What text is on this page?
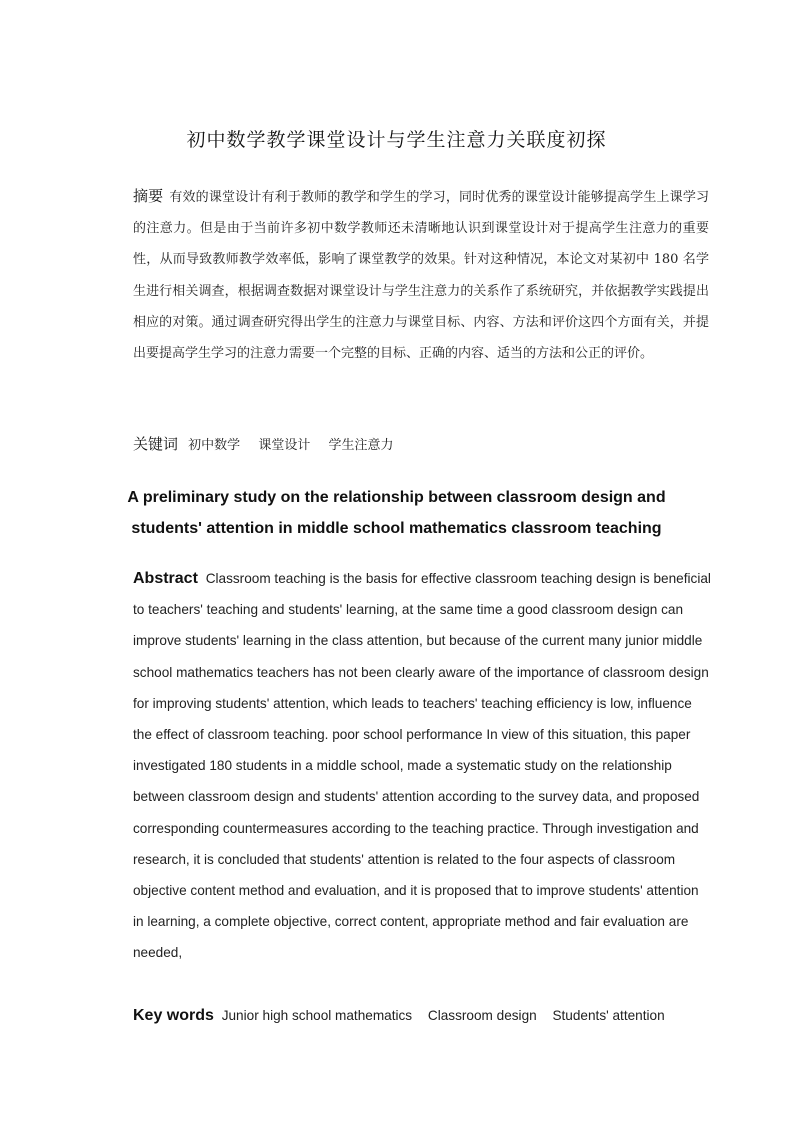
初中数学教学课堂设计与学生注意力关联度初探
摘要 有效的课堂设计有利于教师的教学和学生的学习，同时优秀的课堂设计能够提高学生上课学习的注意力。但是由于当前许多初中数学教师还未清晰地认识到课堂设计对于提高学生注意力的重要性，从而导致教师教学效率低，影响了课堂教学的效果。针对这种情况，本论文对某初中 180 名学生进行相关调查，根据调查数据对课堂设计与学生注意力的关系作了系统研究，并依据教学实践提出相应的对策。通过调查研究得出学生的注意力与课堂目标、内容、方法和评价这四个方面有关，并提出要提高学生学习的注意力需要一个完整的目标、正确的内容、适当的方法和公正的评价。
关键词 初中数学 课堂设计 学生注意力
A preliminary study on the relationship between classroom design and
students' attention in middle school mathematics classroom teaching
Abstract Classroom teaching is the basis for effective classroom teaching design is beneficial to teachers' teaching and students' learning, at the same time a good classroom design can improve students' learning in the class attention, but because of the current many junior middle school mathematics teachers has not been clearly aware of the importance of classroom design for improving students' attention, which leads to teachers' teaching efficiency is low, influence the effect of classroom teaching. poor school performance In view of this situation, this paper investigated 180 students in a middle school, made a systematic study on the relationship between classroom design and students' attention according to the survey data, and proposed corresponding countermeasures according to the teaching practice. Through investigation and research, it is concluded that students' attention is related to the four aspects of classroom objective content method and evaluation, and it is proposed that to improve students' attention in learning, a complete objective, correct content, appropriate method and fair evaluation are needed,
Key words Junior high school mathematics Classroom design Students' attention
